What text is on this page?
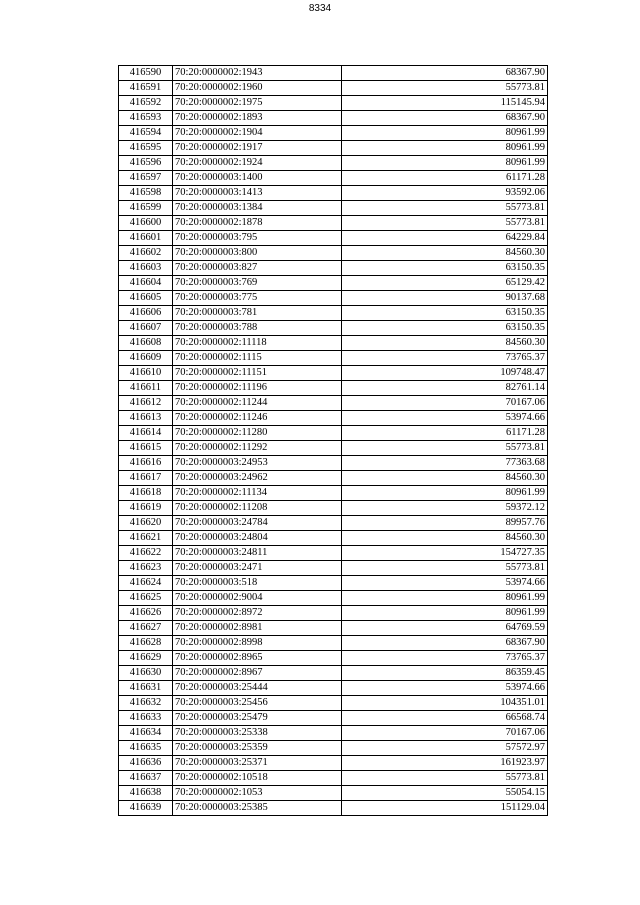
8334
416590	70:20:0000002:1943	68367.90
416591	70:20:0000002:1960	55773.81
416592	70:20:0000002:1975	115145.94
416593	70:20:0000002:1893	68367.90
416594	70:20:0000002:1904	80961.99
416595	70:20:0000002:1917	80961.99
416596	70:20:0000002:1924	80961.99
416597	70:20:0000003:1400	61171.28
416598	70:20:0000003:1413	93592.06
416599	70:20:0000003:1384	55773.81
416600	70:20:0000002:1878	55773.81
416601	70:20:0000003:795	64229.84
416602	70:20:0000003:800	84560.30
416603	70:20:0000003:827	63150.35
416604	70:20:0000003:769	65129.42
416605	70:20:0000003:775	90137.68
416606	70:20:0000003:781	63150.35
416607	70:20:0000003:788	63150.35
416608	70:20:0000002:11118	84560.30
416609	70:20:0000002:1115	73765.37
416610	70:20:0000002:11151	109748.47
416611	70:20:0000002:11196	82761.14
416612	70:20:0000002:11244	70167.06
416613	70:20:0000002:11246	53974.66
416614	70:20:0000002:11280	61171.28
416615	70:20:0000002:11292	55773.81
416616	70:20:0000003:24953	77363.68
416617	70:20:0000003:24962	84560.30
416618	70:20:0000002:11134	80961.99
416619	70:20:0000002:11208	59372.12
416620	70:20:0000003:24784	89957.76
416621	70:20:0000003:24804	84560.30
416622	70:20:0000003:24811	154727.35
416623	70:20:0000003:2471	55773.81
416624	70:20:0000003:518	53974.66
416625	70:20:0000002:9004	80961.99
416626	70:20:0000002:8972	80961.99
416627	70:20:0000002:8981	64769.59
416628	70:20:0000002:8998	68367.90
416629	70:20:0000002:8965	73765.37
416630	70:20:0000002:8967	86359.45
416631	70:20:0000003:25444	53974.66
416632	70:20:0000003:25456	104351.01
416633	70:20:0000003:25479	66568.74
416634	70:20:0000003:25338	70167.06
416635	70:20:0000003:25359	57572.97
416636	70:20:0000003:25371	161923.97
416637	70:20:0000002:10518	55773.81
416638	70:20:0000002:1053	55054.15
416639	70:20:0000003:25385	151129.04
